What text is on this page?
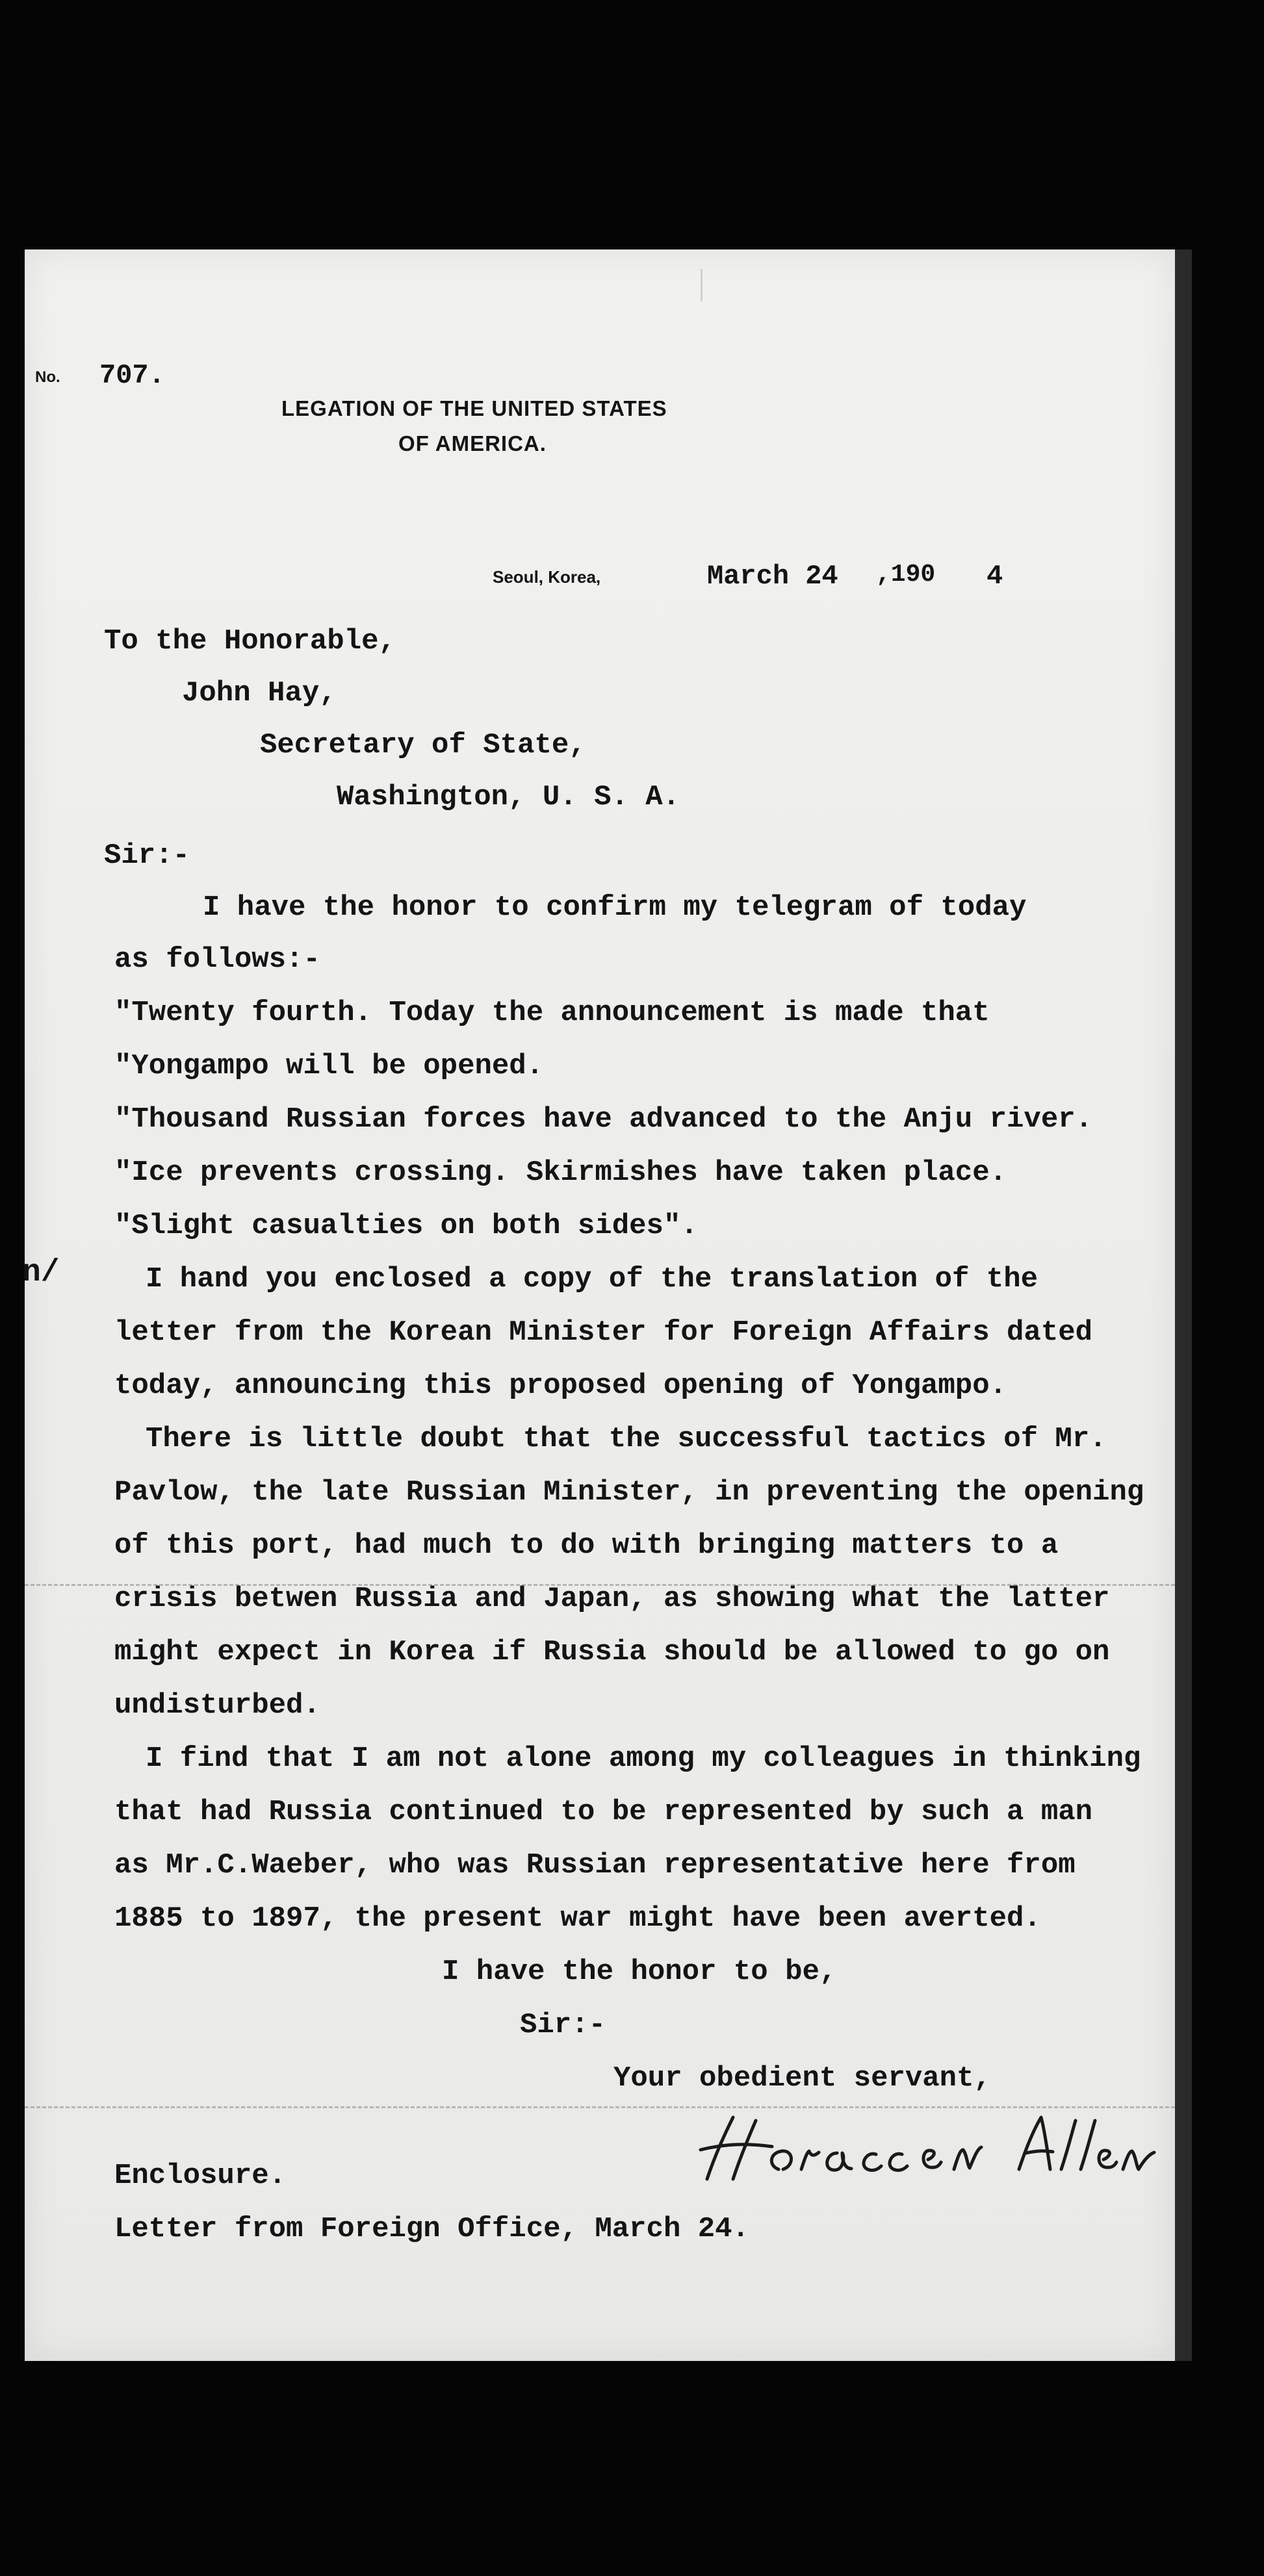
No. 707.
LEGATION OF THE UNITED STATES
OF AMERICA.
Seoul, Korea,	March 24 ,190 4
To the Honorable,
John Hay,
Secretary of State,
Washington, U. S. A.
Sir:-
I have the honor to confirm my telegram of today
as follows:-
"Twenty fourth. Today the announcement is made that
"Yongampo will be opened.
"Thousand Russian forces have advanced to the Anju river.
"Ice prevents crossing. Skirmishes have taken place.
"Slight casualties on both sides".
n/	I hand you enclosed a copy of the translation of the
letter from the Korean Minister for Foreign Affairs dated
today, announcing this proposed opening of Yongampo.
There is little doubt that the successful tactics of Mr.
Pavlow, the late Russian Minister, in preventing the opening
of this port, had much to do with bringing matters to a
crisis betwen Russia and Japan, as showing what the latter
might expect in Korea if Russia should be allowed to go on
undisturbed.
I find that I am not alone among my colleagues in thinking
that had Russia continued to be represented by such a man
as Mr.C.Waeber, who was Russian representative here from
1885 to 1897, the present war might have been averted.
I have the honor to be,
Sir:-
Your obedient servant,
Enclosure.
Letter from Foreign Office, March 24.
